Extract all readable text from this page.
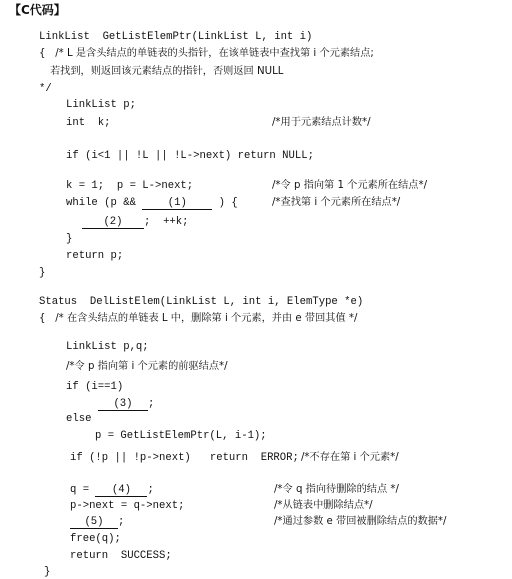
【C代码】
LinkList  GetListElemPtr(LinkList L, int i)
{   /* L 是含头结点的单链表的头指针，在该单链表中查找第 i 个元素结点;
若找到，则返回该元素结点的指针，否则返回 NULL
*/
LinkList p;
int  k;	/*用于元素结点计数*/
if (i<1 || !L || !L->next) return NULL;
k = 1;  p = L->next;	/*令 p 指向第 1 个元素所在结点*/
while (p && (1) ) {	/*查找第 i 个元素所在结点*/
(2) ;  ++k;
}
return p;
}
Status  DelListElem(LinkList L, int i, ElemType *e)
{   /* 在含头结点的单链表 L 中，删除第 i 个元素，并由 e 带回其值 */
LinkList p,q;
/*令 p 指向第 i 个元素的前驱结点*/
if (i==1)
(3) ;
else
p = GetListElemPtr(L, i-1);
if (!p || !p->next)   return  ERROR; /*不存在第 i 个元素*/
q = (4) ;	/*令 q 指向待删除的结点 */
p->next = q->next;	/*从链表中删除结点*/
(5) ;	/*通过参数 e 带回被删除结点的数据*/
free(q);
return  SUCCESS;
}
